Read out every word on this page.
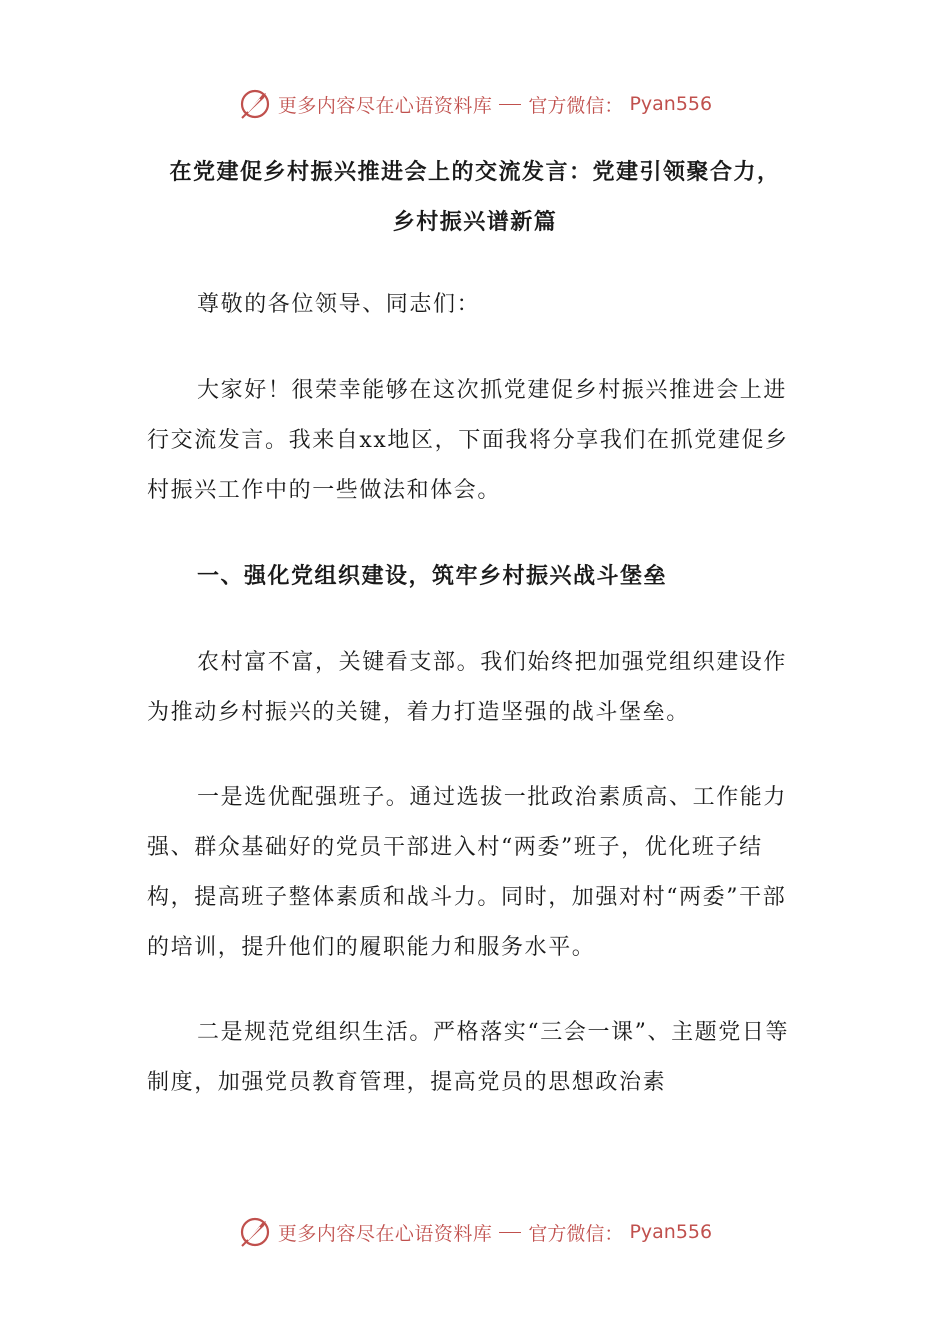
更多内容尽在心语资料库 官方微信： Pyan556
在党建促乡村振兴推进会上的交流发言：党建引领聚合力，
乡村振兴谱新篇

尊敬的各位领导、同志们：

大家好！很荣幸能够在这次抓党建促乡村振兴推进会上进行交流发言。我来自xx地区，下面我将分享我们在抓党建促乡村振兴工作中的一些做法和体会。

一、强化党组织建设，筑牢乡村振兴战斗堡垒

农村富不富，关键看支部。我们始终把加强党组织建设作为推动乡村振兴的关键，着力打造坚强的战斗堡垒。

一是选优配强班子。通过选拔一批政治素质高、工作能力强、群众基础好的党员干部进入村“两委”班子，优化班子结构，提高班子整体素质和战斗力。同时，加强对村“两委”干部的培训，提升他们的履职能力和服务水平。

二是规范党组织生活。严格落实“三会一课”、主题党日等制度，加强党员教育管理，提高党员的思想政治素

更多内容尽在心语资料库 官方微信： Pyan556
